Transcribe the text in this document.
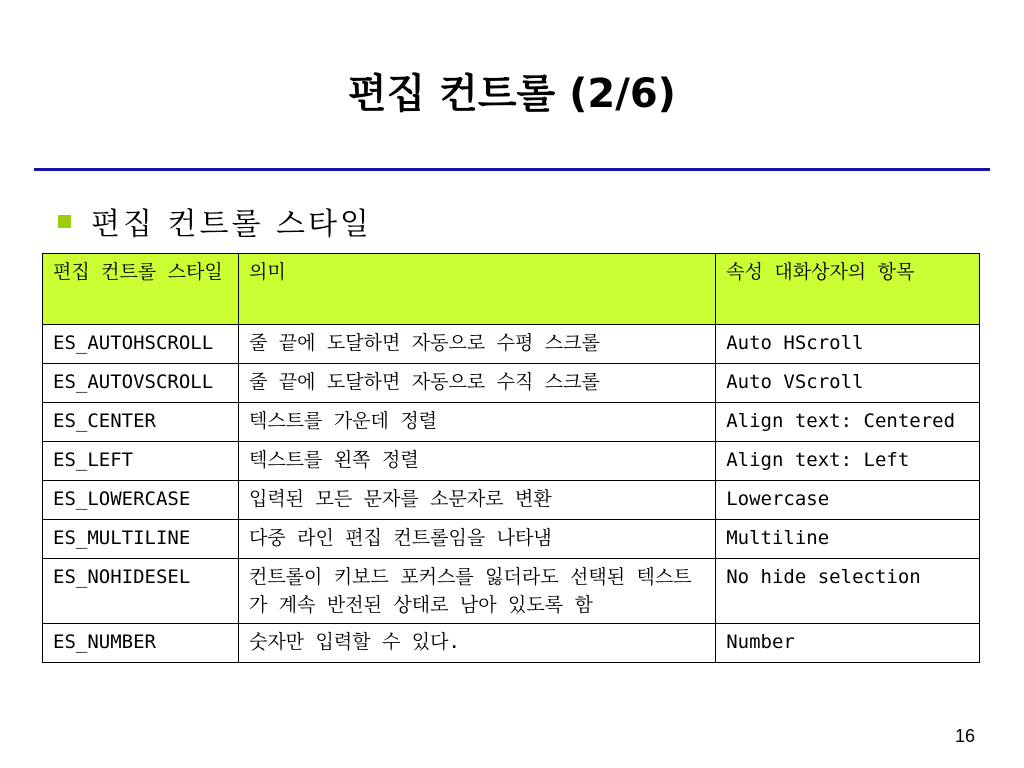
편집 컨트롤 (2/6)
편집 컨트롤 스타일
편집 컨트롤 스타일	의미	속성 대화상자의 항목
ES_AUTOHSCROLL	줄 끝에 도달하면 자동으로 수평 스크롤	Auto HScroll
ES_AUTOVSCROLL	줄 끝에 도달하면 자동으로 수직 스크롤	Auto VScroll
ES_CENTER	텍스트를 가운데 정렬	Align text: Centered
ES_LEFT	텍스트를 왼쪽 정렬	Align text: Left
ES_LOWERCASE	입력된 모든 문자를 소문자로 변환	Lowercase
ES_MULTILINE	다중 라인 편집 컨트롤임을 나타냄	Multiline
ES_NOHIDESEL	컨트롤이 키보드 포커스를 잃더라도 선택된 텍스트가 계속 반전된 상태로 남아 있도록 함	No hide selection
ES_NUMBER	숫자만 입력할 수 있다.	Number
16
